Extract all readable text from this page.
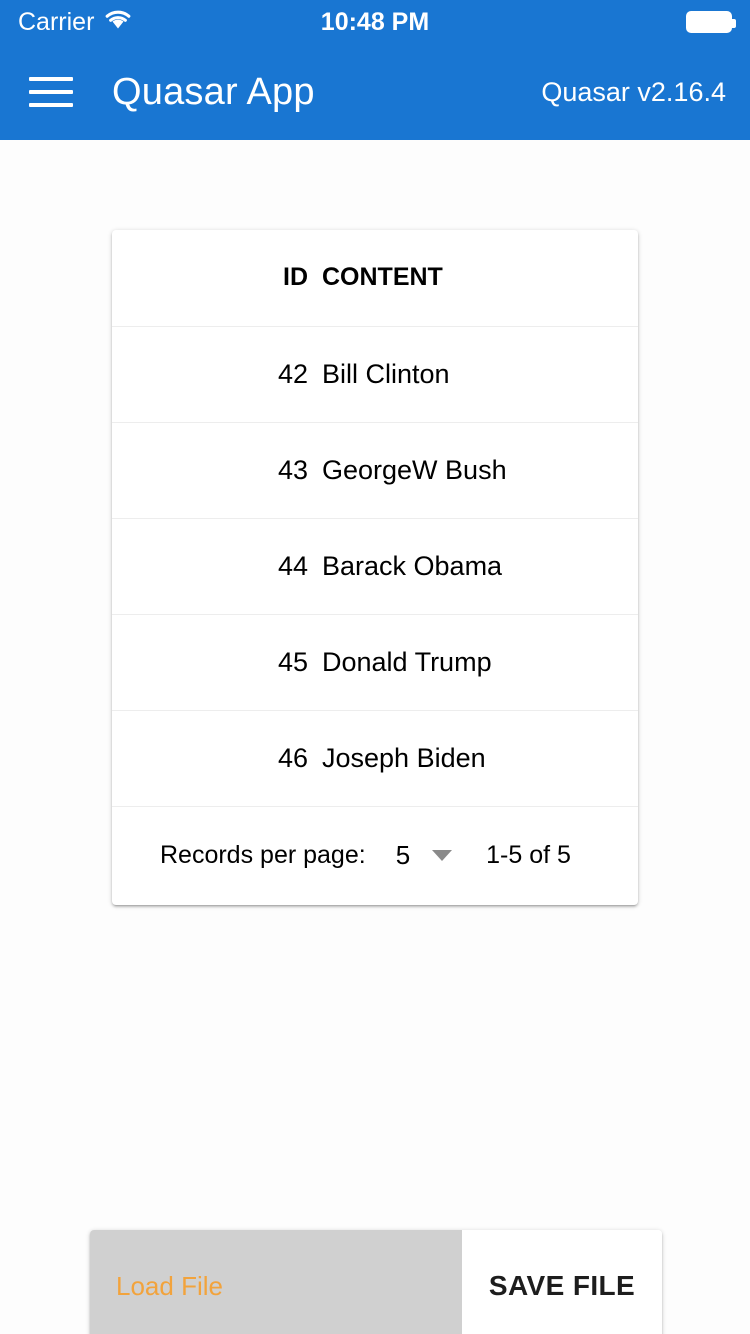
Carrier	10:48 PM
Quasar App	Quasar v2.16.4
ID	CONTENT
42	Bill Clinton
43	GeorgeW Bush
44	Barack Obama
45	Donald Trump
46	Joseph Biden
Records per page: 5	1-5 of 5
Load File	SAVE FILE
